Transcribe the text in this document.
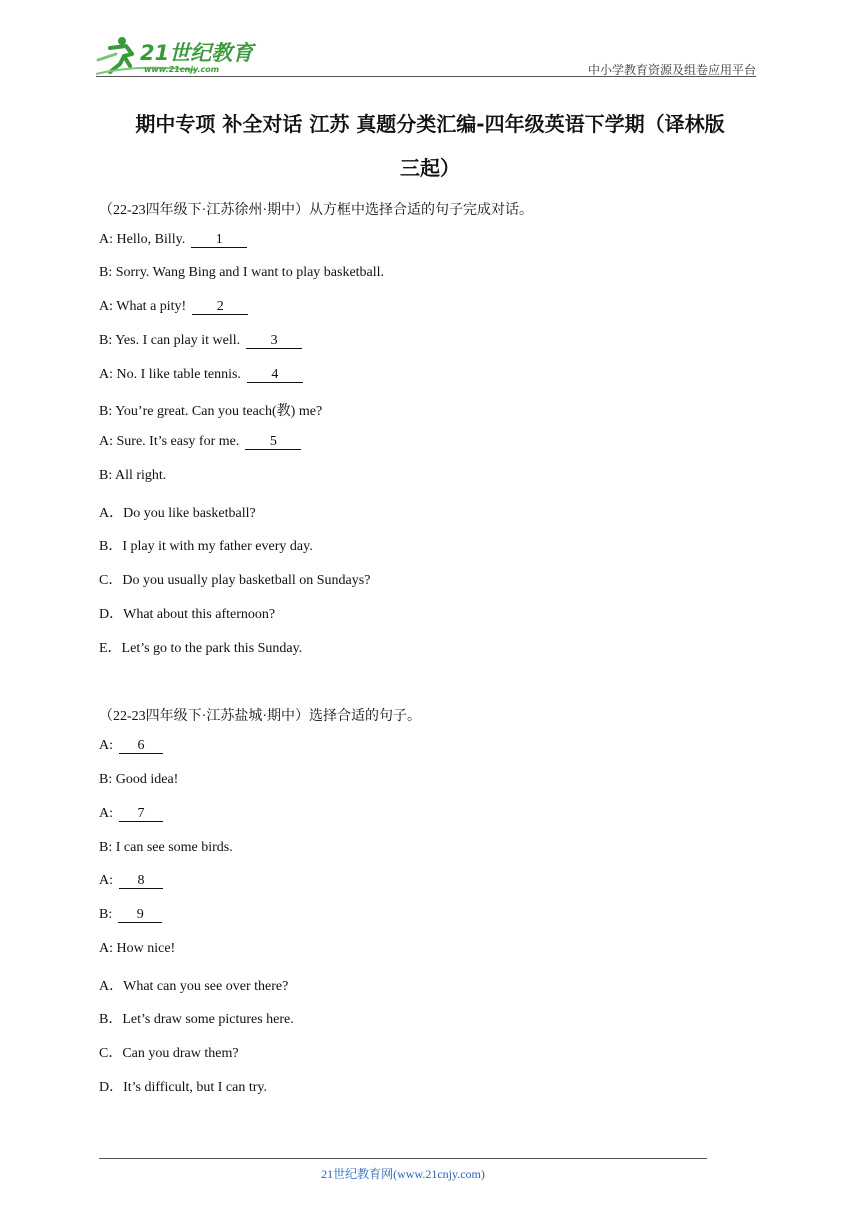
21世纪教育
www.21cnjy.com	中小学教育资源及组卷应用平台
期中专项 补全对话 江苏 真题分类汇编-四年级英语下学期（译林版
三起）
（22-23四年级下·江苏徐州·期中）从方框中选择合适的句子完成对话。
A: Hello, Billy. 1
B: Sorry. Wang Bing and I want to play basketball.
A: What a pity! 2
B: Yes. I can play it well. 3
A: No. I like table tennis. 4
B: You’re great. Can you teach(教) me?
A: Sure. It’s easy for me. 5
B: All right.
A．Do you like basketball?
B．I play it with my father every day.
C．Do you usually play basketball on Sundays?
D．What about this afternoon?
E．Let’s go to the park this Sunday.
（22-23四年级下·江苏盐城·期中）选择合适的句子。
A: 6
B: Good idea!
A: 7
B: I can see some birds.
A: 8
B: 9
A: How nice!
A．What can you see over there?
B．Let’s draw some pictures here.
C．Can you draw them?
D．It’s difficult, but I can try.
21世纪教育网(www.21cnjy.com)
